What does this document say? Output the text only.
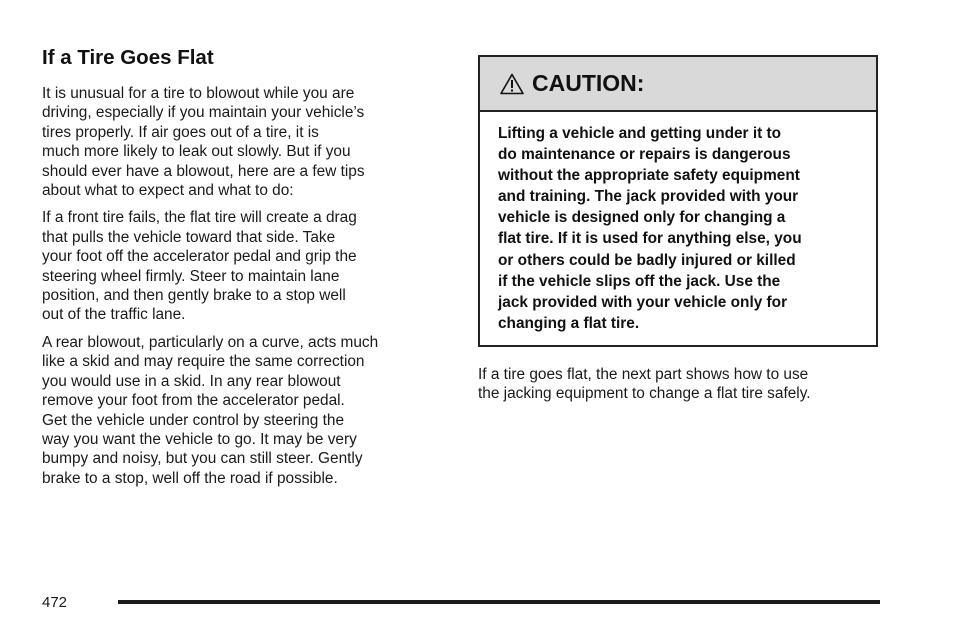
If a Tire Goes Flat

It is unusual for a tire to blowout while you are
driving, especially if you maintain your vehicle’s
tires properly. If air goes out of a tire, it is
much more likely to leak out slowly. But if you
should ever have a blowout, here are a few tips
about what to expect and what to do:

If a front tire fails, the flat tire will create a drag
that pulls the vehicle toward that side. Take
your foot off the accelerator pedal and grip the
steering wheel firmly. Steer to maintain lane
position, and then gently brake to a stop well
out of the traffic lane.

A rear blowout, particularly on a curve, acts much
like a skid and may require the same correction
you would use in a skid. In any rear blowout
remove your foot from the accelerator pedal.
Get the vehicle under control by steering the
way you want the vehicle to go. It may be very
bumpy and noisy, but you can still steer. Gently
brake to a stop, well off the road if possible.

CAUTION:
Lifting a vehicle and getting under it to
do maintenance or repairs is dangerous
without the appropriate safety equipment
and training. The jack provided with your
vehicle is designed only for changing a
flat tire. If it is used for anything else, you
or others could be badly injured or killed
if the vehicle slips off the jack. Use the
jack provided with your vehicle only for
changing a flat tire.
If a tire goes flat, the next part shows how to use
the jacking equipment to change a flat tire safely.
472
